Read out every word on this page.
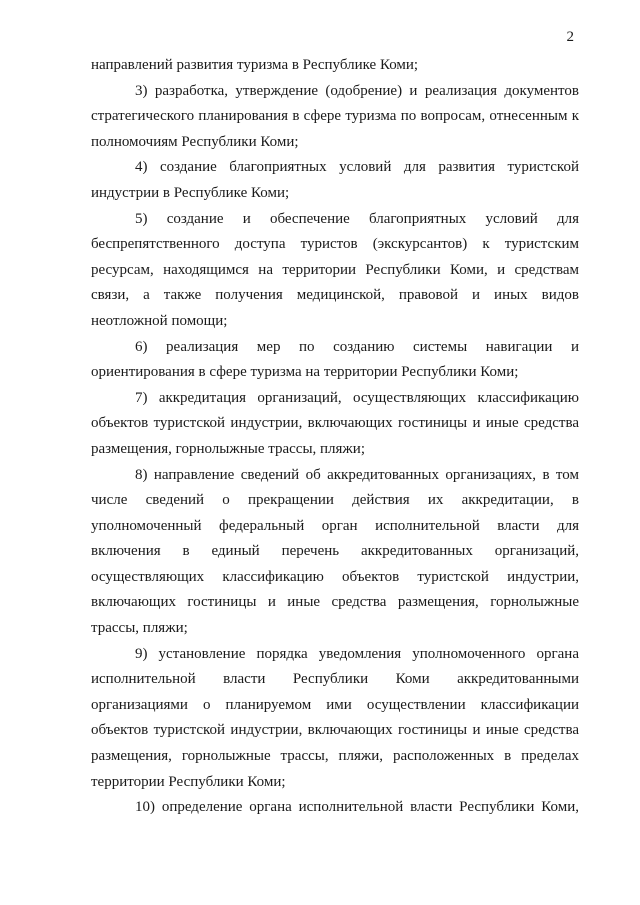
2
направлений развития туризма в Республике Коми;
3) разработка, утверждение (одобрение) и реализация документов
стратегического планирования в сфере туризма по вопросам, отнесенным к
полномочиям Республики Коми;
4) создание благоприятных условий для развития туристской
индустрии в Республике Коми;
5) создание и обеспечение благоприятных условий для
беспрепятственного доступа туристов (экскурсантов) к туристским
ресурсам, находящимся на территории Республики Коми, и средствам
связи, а также получения медицинской, правовой и иных видов
неотложной помощи;
6) реализация мер по созданию системы навигации и
ориентирования в сфере туризма на территории Республики Коми;
7) аккредитация организаций, осуществляющих классификацию
объектов туристской индустрии, включающих гостиницы и иные средства
размещения, горнолыжные трассы, пляжи;
8) направление сведений об аккредитованных организациях, в том
числе сведений о прекращении действия их аккредитации, в
уполномоченный федеральный орган исполнительной власти для
включения в единый перечень аккредитованных организаций,
осуществляющих классификацию объектов туристской индустрии,
включающих гостиницы и иные средства размещения, горнолыжные
трассы, пляжи;
9) установление порядка уведомления уполномоченного органа
исполнительной власти Республики Коми аккредитованными
организациями о планируемом ими осуществлении классификации
объектов туристской индустрии, включающих гостиницы и иные средства
размещения, горнолыжные трассы, пляжи, расположенных в пределах
территории Республики Коми;
10) определение органа исполнительной власти Республики Коми,
